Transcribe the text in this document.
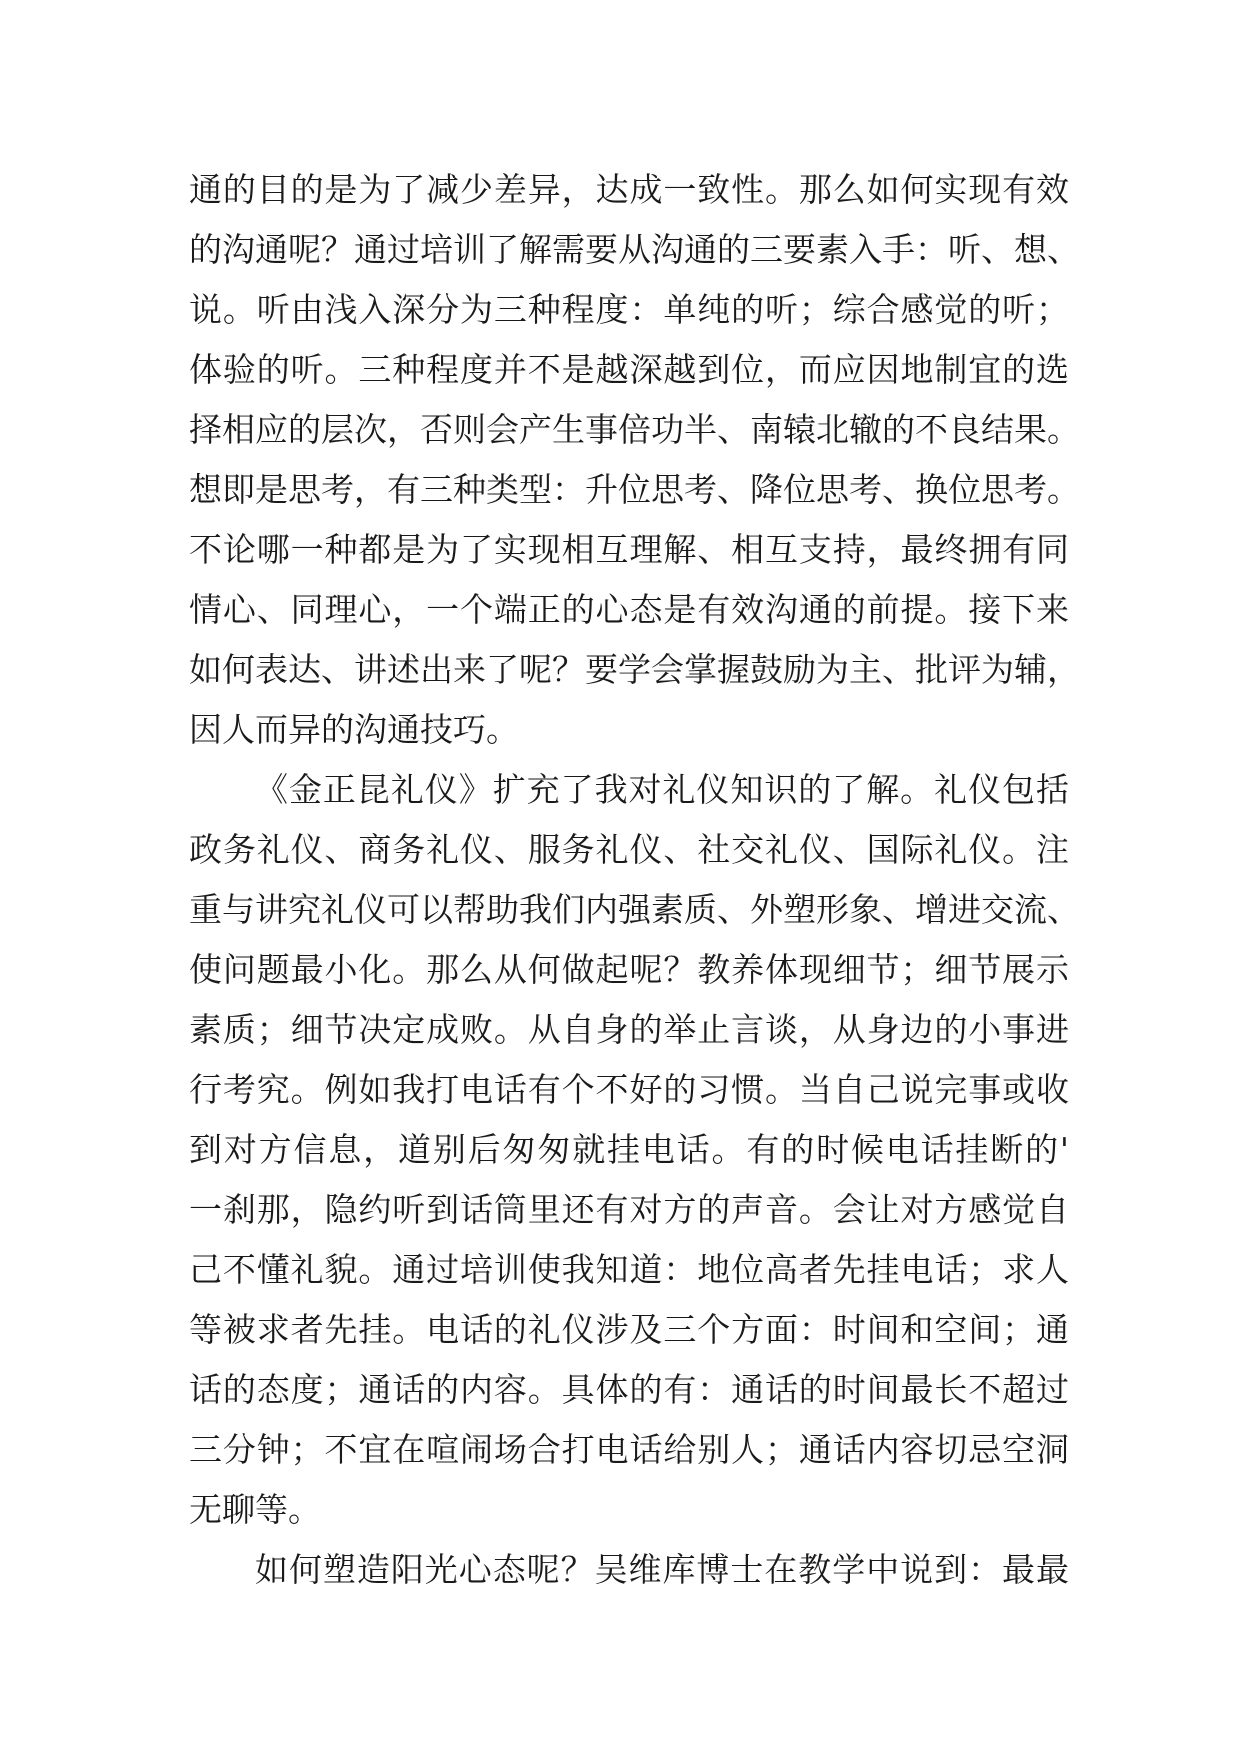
通的目的是为了减少差异，达成一致性。那么如何实现有效
的沟通呢？通过培训了解需要从沟通的三要素入手：听、想、
说。听由浅入深分为三种程度：单纯的听；综合感觉的听；
体验的听。三种程度并不是越深越到位，而应因地制宜的选
择相应的层次，否则会产生事倍功半、南辕北辙的不良结果。
想即是思考，有三种类型：升位思考、降位思考、换位思考。
不论哪一种都是为了实现相互理解、相互支持，最终拥有同
情心、同理心，一个端正的心态是有效沟通的前提。接下来
如何表达、讲述出来了呢？要学会掌握鼓励为主、批评为辅，
因人而异的沟通技巧。
《金正昆礼仪》扩充了我对礼仪知识的了解。礼仪包括
政务礼仪、商务礼仪、服务礼仪、社交礼仪、国际礼仪。注
重与讲究礼仪可以帮助我们内强素质、外塑形象、增进交流、
使问题最小化。那么从何做起呢？教养体现细节；细节展示
素质；细节决定成败。从自身的举止言谈，从身边的小事进
行考究。例如我打电话有个不好的习惯。当自己说完事或收
到对方信息，道别后匆匆就挂电话。有的时候电话挂断的'
一刹那，隐约听到话筒里还有对方的声音。会让对方感觉自
己不懂礼貌。通过培训使我知道：地位高者先挂电话；求人
等被求者先挂。电话的礼仪涉及三个方面：时间和空间；通
话的态度；通话的内容。具体的有：通话的时间最长不超过
三分钟；不宜在喧闹场合打电话给别人；通话内容切忌空洞
无聊等。
如何塑造阳光心态呢？吴维库博士在教学中说到：最最
